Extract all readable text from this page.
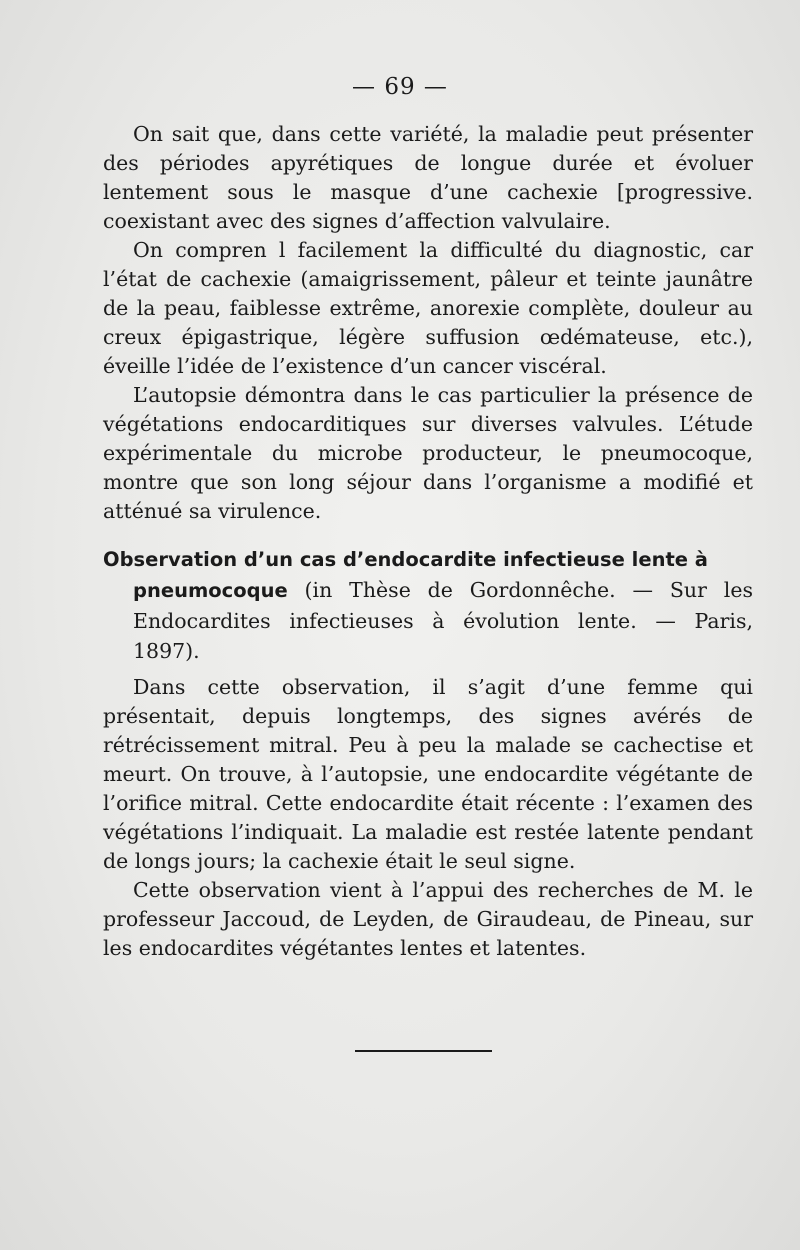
— 69 —

On sait que, dans cette variété, la maladie peut présenter des périodes apyrétiques de longue durée et évoluer lentement sous le masque d’une cachexie [progressive. coexistant avec des signes d’affection valvulaire.

On compren l facilement la difficulté du diagnostic, car l’état de cachexie (amaigrissement, pâleur et teinte jaunâtre de la peau, faiblesse extrême, anorexie complète, douleur au creux épigastrique, légère suffusion œdémateuse, etc.), éveille l’idée de l’existence d’un cancer viscéral.

L’autopsie démontra dans le cas particulier la présence de végétations endocarditiques sur diverses valvules. L’étude expérimentale du microbe producteur, le pneumocoque, montre que son long séjour dans l’organisme a modifié et atténué sa virulence.

Observation d’un cas d’endocardite infectieuse lente à
pneumocoque (in Thèse de Gordonnêche. — Sur les Endocardites infectieuses à évolution lente. — Paris, 1897).

Dans cette observation, il s’agit d’une femme qui présentait, depuis longtemps, des signes avérés de rétrécissement mitral. Peu à peu la malade se cachectise et meurt. On trouve, à l’autopsie, une endocardite végétante de l’orifice mitral. Cette endocardite était récente : l’examen des végétations l’indiquait. La maladie est restée latente pendant de longs jours; la cachexie était le seul signe.

Cette observation vient à l’appui des recherches de M. le professeur Jaccoud, de Leyden, de Giraudeau, de Pineau, sur les endocardites végétantes lentes et latentes.
